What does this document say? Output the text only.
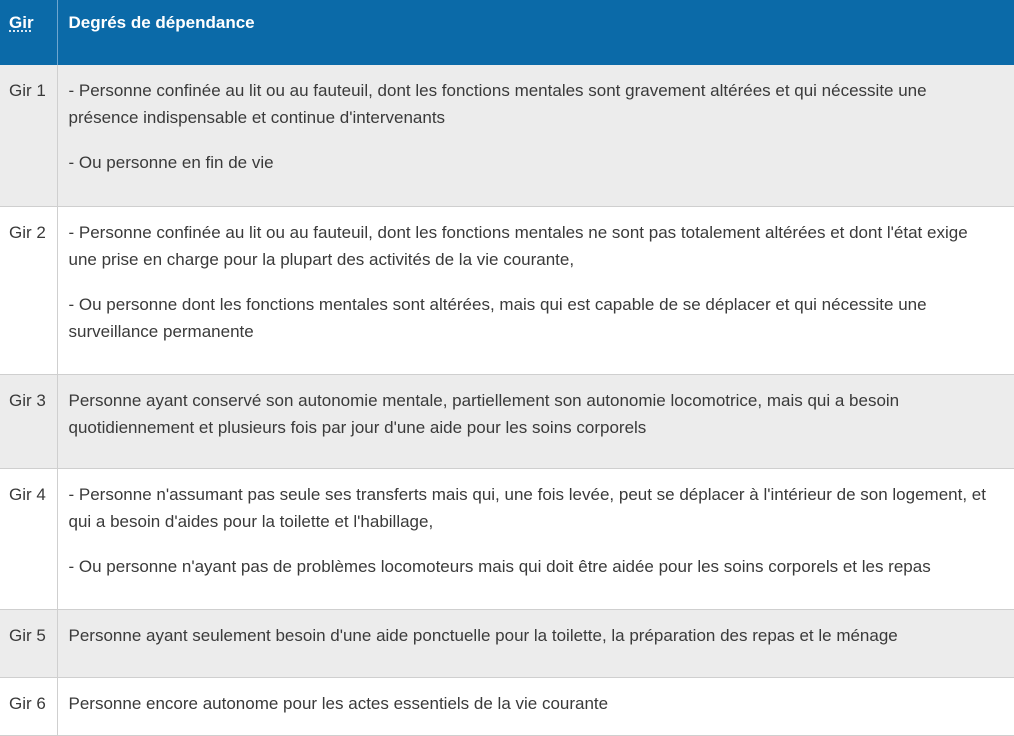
Gir	Degrés de dépendance
Gir 1	- Personne confinée au lit ou au fauteuil, dont les fonctions mentales sont gravement altérées et qui nécessite une présence indispensable et continue d'intervenants

- Ou personne en fin de vie

Gir 2	- Personne confinée au lit ou au fauteuil, dont les fonctions mentales ne sont pas totalement altérées et dont l'état exige une prise en charge pour la plupart des activités de la vie courante,

- Ou personne dont les fonctions mentales sont altérées, mais qui est capable de se déplacer et qui nécessite une surveillance permanente

Gir 3	Personne ayant conservé son autonomie mentale, partiellement son autonomie locomotrice, mais qui a besoin quotidiennement et plusieurs fois par jour d'une aide pour les soins corporels

Gir 4	- Personne n'assumant pas seule ses transferts mais qui, une fois levée, peut se déplacer à l'intérieur de son logement, et qui a besoin d'aides pour la toilette et l'habillage,

- Ou personne n'ayant pas de problèmes locomoteurs mais qui doit être aidée pour les soins corporels et les repas

Gir 5	Personne ayant seulement besoin d'une aide ponctuelle pour la toilette, la préparation des repas et le ménage

Gir 6	Personne encore autonome pour les actes essentiels de la vie courante
